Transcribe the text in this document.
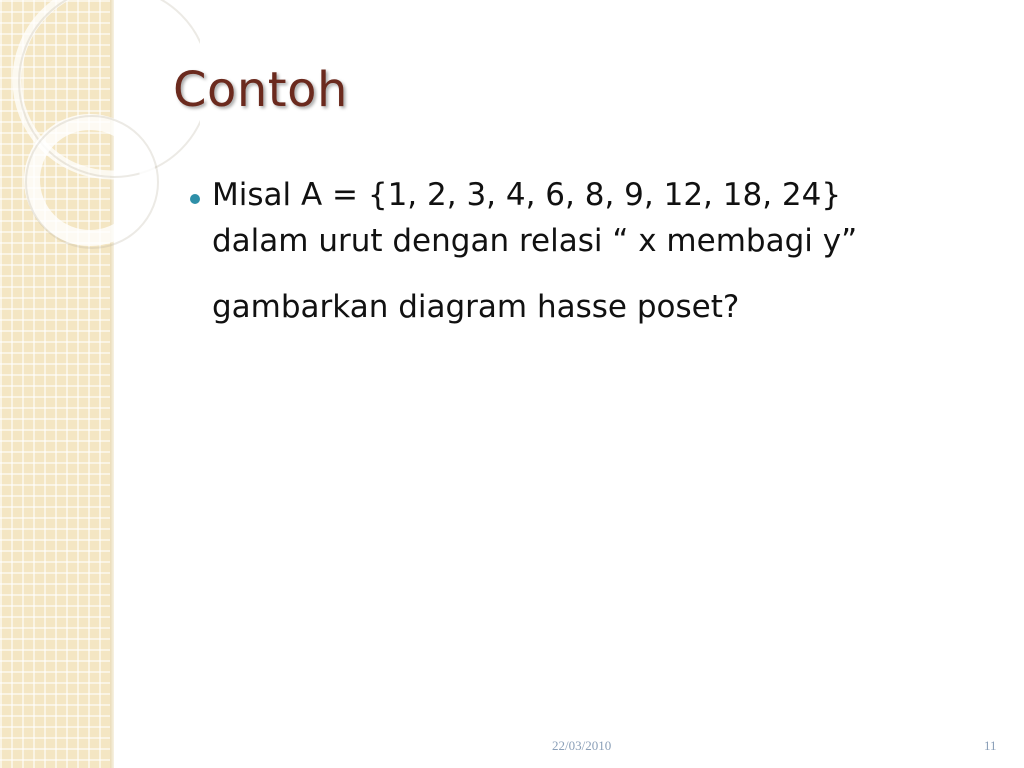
Contoh
Misal A = {1, 2, 3, 4, 6, 8, 9, 12, 18, 24}
dalam urut dengan relasi “ x membagi y”
gambarkan diagram hasse poset?
22/03/2010	11
